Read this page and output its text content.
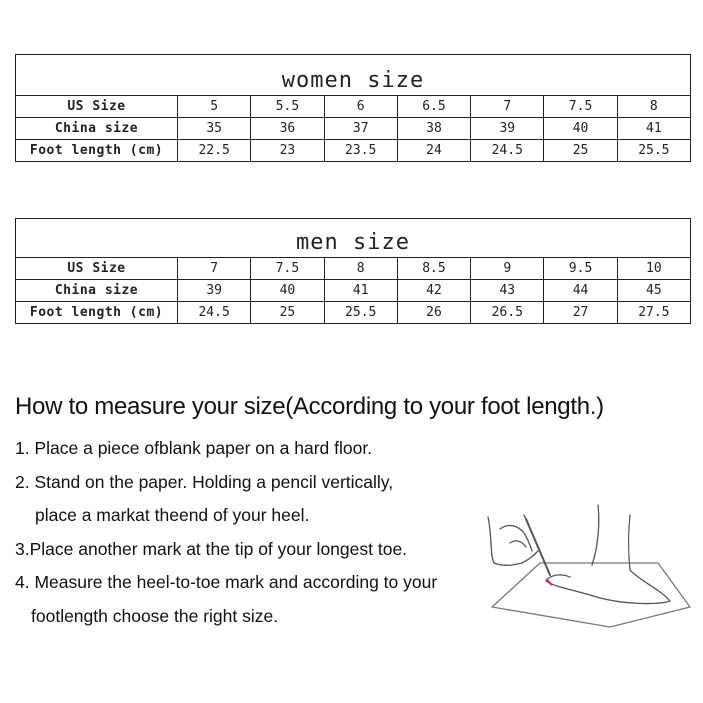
women size							
US Size	5	5.5	6	6.5	7	7.5	8
China size	35	36	37	38	39	40	41
Foot length (cm)	22.5	23	23.5	24	24.5	25	25.5
men size							
US Size	7	7.5	8	8.5	9	9.5	10
China size	39	40	41	42	43	44	45
Foot length (cm)	24.5	25	25.5	26	26.5	27	27.5
How to measure your size(According to your foot length.)

1. Place a piece ofblank paper on a hard floor.

2. Stand on the paper. Holding a pencil vertically,

place a markat theend of your heel.

3.Place another mark at the tip of your longest toe.

4. Measure the heel-to-toe mark and according to your

footlength choose the right size.
